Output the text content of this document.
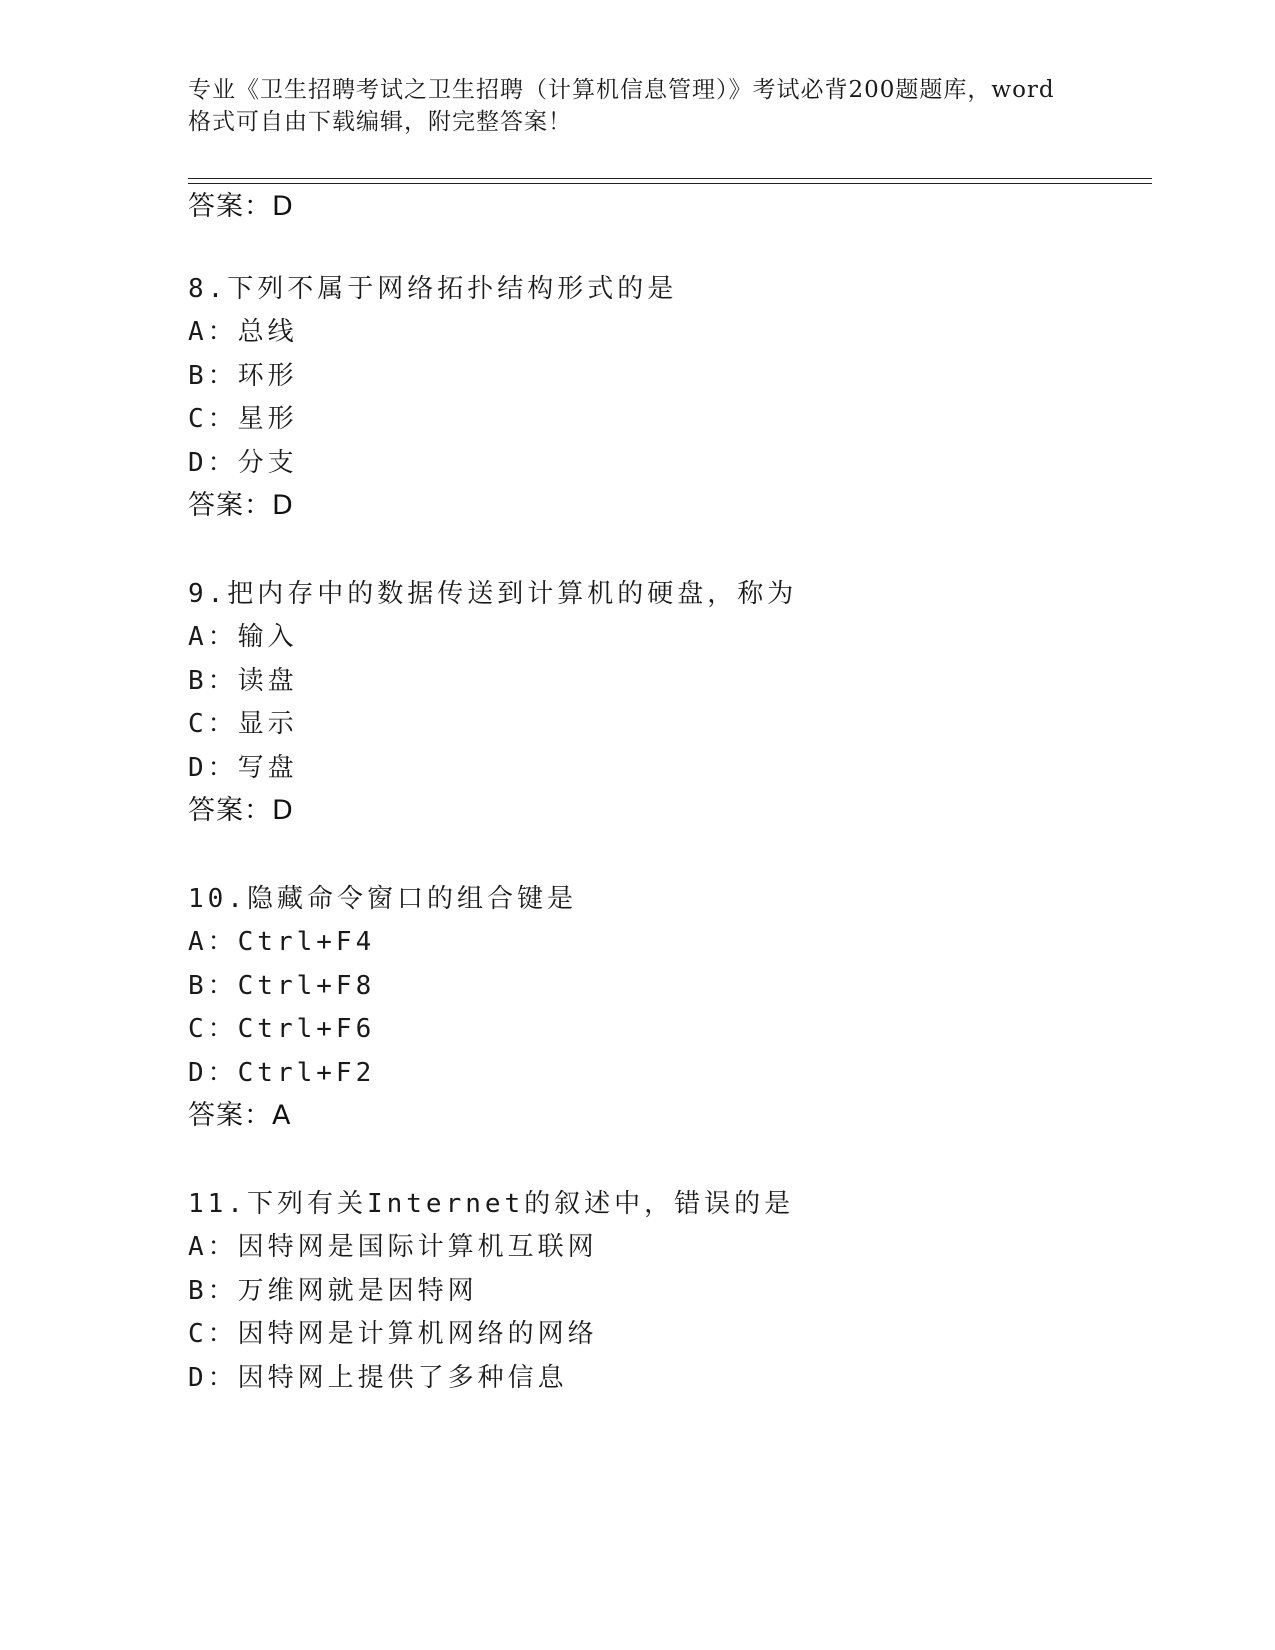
专业《卫生招聘考试之卫生招聘（计算机信息管理）》考试必背200题题库，word
格式可自由下载编辑，附完整答案！
答案：D
8.下列不属于网络拓扑结构形式的是
A：总线
B：环形
C：星形
D：分支
答案：D
9.把内存中的数据传送到计算机的硬盘，称为
A：输入
B：读盘
C：显示
D：写盘
答案：D
10.隐藏命令窗口的组合键是
A：Ctrl+F4
B：Ctrl+F8
C：Ctrl+F6
D：Ctrl+F2
答案：A
11.下列有关Internet的叙述中，错误的是
A：因特网是国际计算机互联网
B：万维网就是因特网
C：因特网是计算机网络的网络
D：因特网上提供了多种信息
